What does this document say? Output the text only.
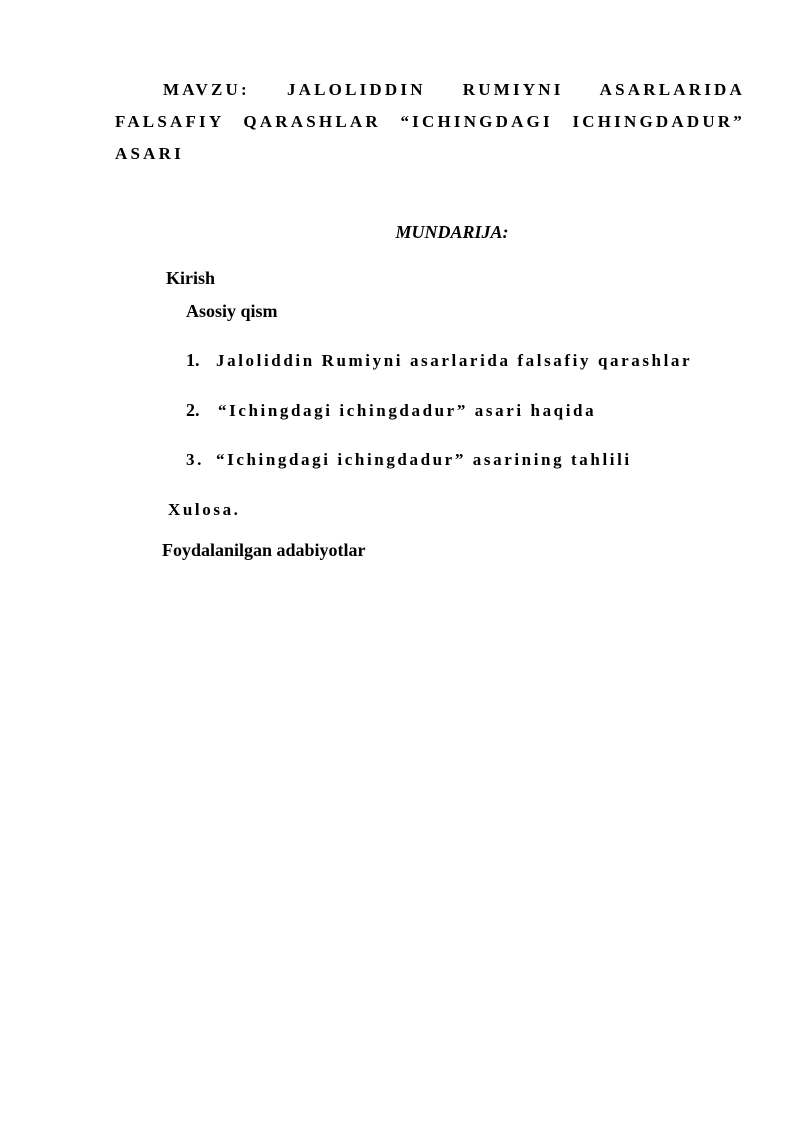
MAVZU: JALOLIDDIN RUMIYNI ASARLARIDA
FALSAFIY QARASHLAR “ICHINGDAGI ICHINGDADUR”
ASARI
MUNDARIJA:
Kirish
Asosiy qism
1. Jaloliddin Rumiyni asarlarida falsafiy qarashlar
2. “Ichingdagi ichingdadur” asari haqida
3. “Ichingdagi ichingdadur” asarining tahlili
Xulosa.
Foydalanilgan adabiyotlar
